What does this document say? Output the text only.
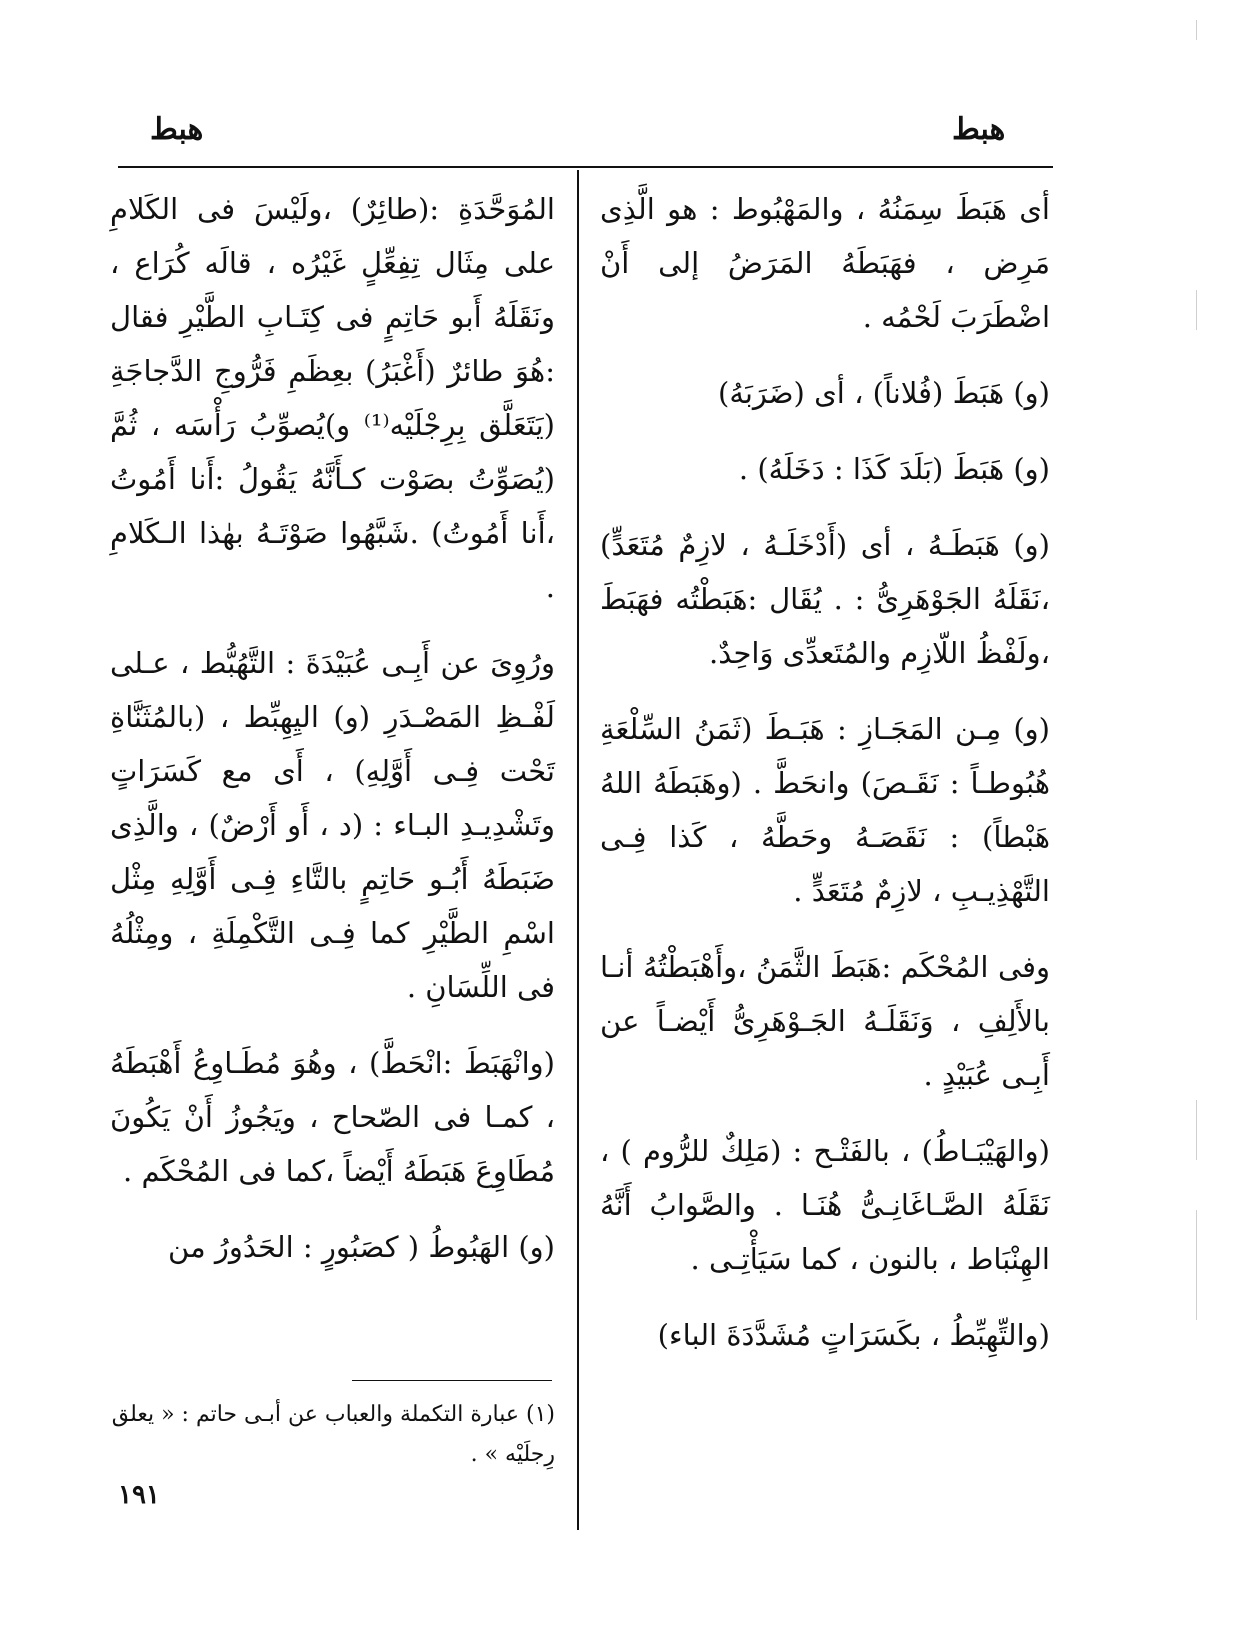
هبط
هبط

أى هَبَطَ سِمَنُهُ ، والمَهْبُوط : هو الَّذِى مَرِض ، فهَبَطَهُ المَرَضُ إلى أَنْ اضْطَرَبَ لَحْمُه .

(و) هَبَطَ (فُلاناً) ، أى (ضَرَبَهُ)

(و) هَبَطَ (بَلَدَ كَذَا : دَخَلَهُ) .

(و) هَبَطَـهُ ، أى (أَدْخَلَـهُ ، لازِمٌ مُتَعَدٍّ) ،نَقَلَهُ الجَوْهَرِىُّ : . يُقَال :هَبَطْتُه فهَبَطَ ،ولَفْظُ اللّازِم والمُتَعدِّى وَاحِدٌ.

(و) مِـن المَجَـازِ : هَبَـطَ (ثَمَنُ السِّلْعَةِ هُبُوطـاً : نَقَـصَ) وانحَطَّ . (وهَبَطَهُ اللهُ هَبْطاً) : نَقَصَـهُ وحَطَّهُ ، كَذا فِـى التَّهْذِيـبِ ، لازِمٌ مُتَعَدٍّ .

وفى المُحْكَم :هَبَطَ الثَّمَنُ ،وأَهْبَطْتُهُ أنـا بالأَلِفِ ، وَنَقَلَـهُ الجَـوْهَرِىُّ أَيْضـاً عن أَبِـى عُبَيْدٍ .

(والهَيْبَـاطُ) ، بالفَتْـح : (مَلِكٌ للرُّوم ) ، نَقَلَهُ الصَّـاغَانِـىُّ هُنَـا . والصَّوابُ أَنَّهُ الهِنْبَاط ، بالنون ، كما سَيَأْتِـى .

(والتِّهِبِّطُ ، بكَسَرَاتٍ مُشَدَّدَةَ الباء)

المُوَحَّدَةِ :(طائِرٌ) ،ولَيْسَ فى الكَلامِ على مِثَال تِفِعِّلٍ غَيْرُه ، قالَه كُرَاع ، ونَقَلَهُ أَبو حَاتِمٍ فى كِتَـابِ الطَّيْرِ فقال :هُوَ طائرٌ (أَغْبَرُ) بعِظَمِ فَرُّوجِ الدَّجاجَةِ (يَتَعَلَّق بِرِجْلَيْه⁽¹⁾ و)يُصوِّبُ رَأْسَه ، ثُمَّ (يُصَوِّتُ بصَوْت كـأَنَّهُ يَقُولُ :أَنا أَمُوتُ ،أَنا أَمُوتُ) .شَبَّهُوا صَوْتَـهُ بهٰذا الـكَلامِ .

ورُوِىَ عن أَبِـى عُبَيْدَةَ : التَّهُبُّط ، عـلى لَفْـظِ المَصْـدَرِ (و) اليِهِبِّط ، (بالمُثَنَّاةِ تَحْت فِـى أَوَّلِهِ) ، أَى مع كَسَرَاتٍ وتَشْدِيـدِ البـاء : (د ، أَو أَرْضٌ) ، والَّذِى ضَبَطَهُ أَبُـو حَاتِمٍ بالتَّاءِ فِـى أَوَّلِهِ مِثْل اسْمِ الطَّيْرِ كما فِـى التَّكْمِلَةِ ، ومِثْلُهُ فى اللِّسَانِ .

(وانْهَبَطَ :انْحَطَّ) ، وهُوَ مُطَـاوِعُ أَهْبَطَهُ ، كمـا فى الصّحاح ، ويَجُوزُ أَنْ يَكُونَ مُطَاوِعَ هَبَطَهُ أَيْضاً ،كما فى المُحْكَم .

(و) الهَبُوطُ ( كصَبُورٍ : الحَدُورُ من

(١) عبارة التكملة والعباب عن أبـى حاتم : « يعلق رِجلَيْه » .
١٩١
